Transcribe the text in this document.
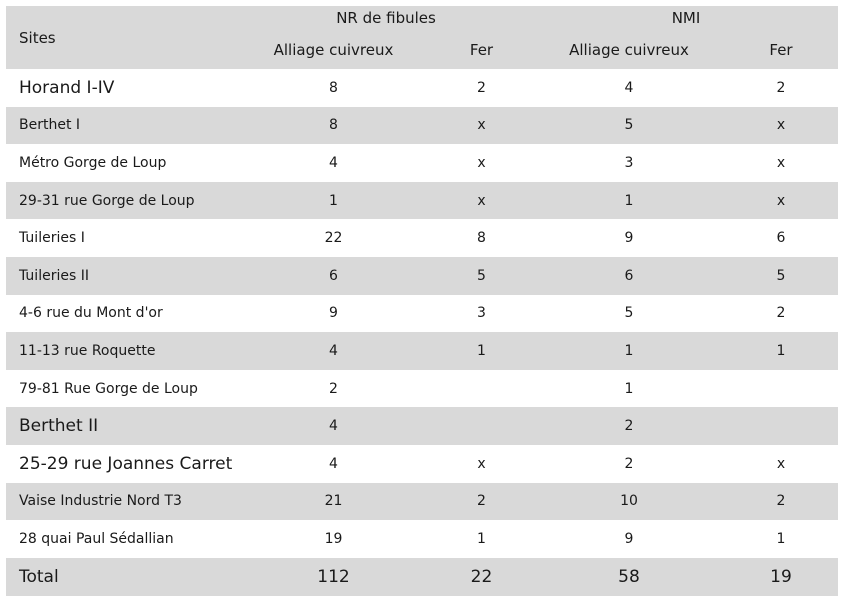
Sites	NR de fibules		NMI	
	Alliage cuivreux	Fer	Alliage cuivreux	Fer
Horand I-IV	8	2	4	2
Berthet I	8	x	5	x
Métro Gorge de Loup	4	x	3	x
29-31 rue Gorge de Loup	1	x	1	x
Tuileries I	22	8	9	6
Tuileries II	6	5	6	5
4-6 rue du Mont d'or	9	3	5	2
11-13 rue Roquette	4	1	1	1
79-81 Rue Gorge de Loup	2		1	
Berthet II	4		2	
25-29 rue Joannes Carret	4	x	2	x
Vaise Industrie Nord T3	21	2	10	2
28 quai Paul Sédallian	19	1	9	1
Total	112	22	58	19
